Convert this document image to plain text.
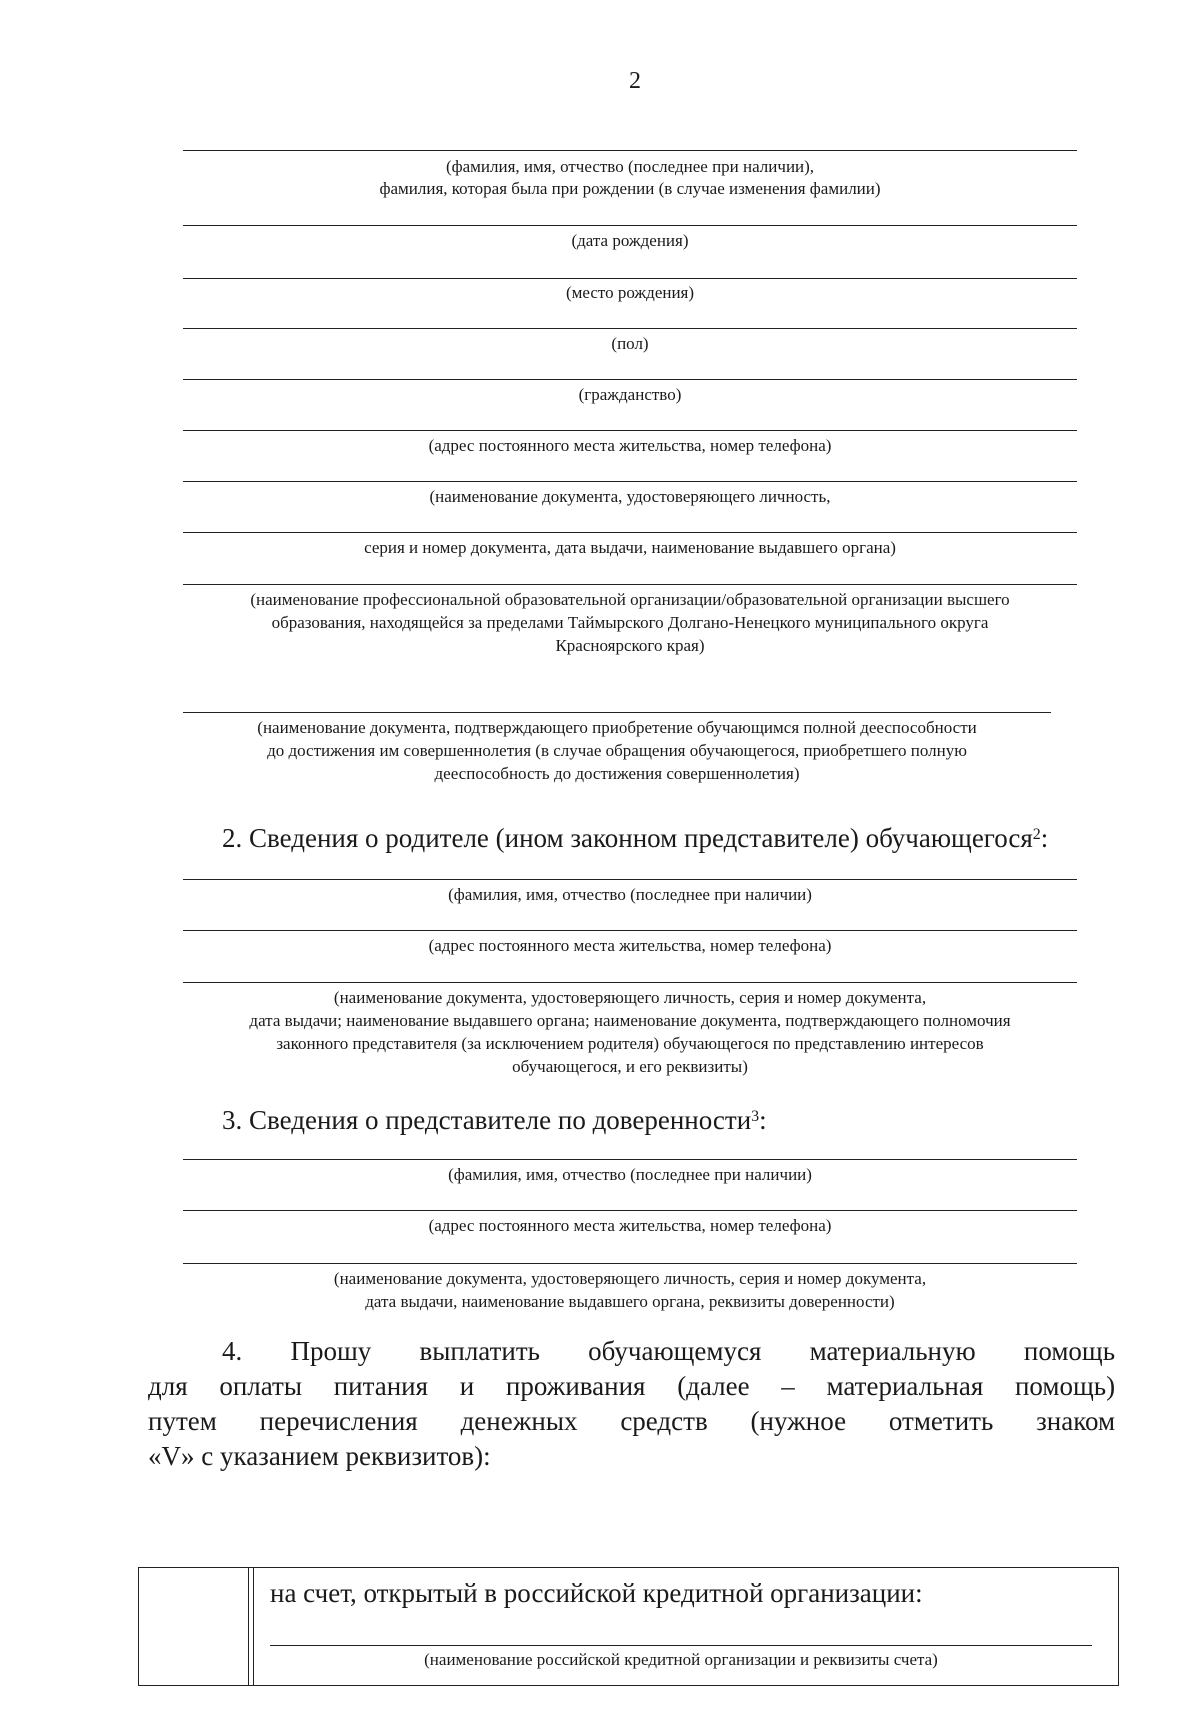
2
(фамилия, имя, отчество (последнее при наличии),
фамилия, которая была при рождении (в случае изменения фамилии)
(дата рождения)
(место рождения)
(пол)
(гражданство)
(адрес постоянного места жительства, номер телефона)
(наименование документа, удостоверяющего личность,
серия и номер документа, дата выдачи, наименование выдавшего органа)
(наименование профессиональной образовательной организации/образовательной организации высшего
образования, находящейся за пределами Таймырского Долгано-Ненецкого муниципального округа
Красноярского края)
(наименование документа, подтверждающего приобретение обучающимся полной дееспособности
до достижения им совершеннолетия (в случае обращения обучающегося, приобретшего полную
дееспособность до достижения совершеннолетия)
2. Сведения о родителе (ином законном представителе) обучающегося$^2$:
(фамилия, имя, отчество (последнее при наличии)
(адрес постоянного места жительства, номер телефона)
(наименование документа, удостоверяющего личность, серия и номер документа,
дата выдачи; наименование выдавшего органа; наименование документа, подтверждающего полномочия
законного представителя (за исключением родителя) обучающегося по представлению интересов
обучающегося, и его реквизиты)
3. Сведения о представителе по доверенности$^3$:
(фамилия, имя, отчество (последнее при наличии)
(адрес постоянного места жительства, номер телефона)
(наименование документа, удостоверяющего личность, серия и номер документа,
дата выдачи, наименование выдавшего органа, реквизиты доверенности)
4. Прошу выплатить обучающемуся материальную помощь
для оплаты питания и проживания (далее – материальная помощь)
путем перечисления денежных средств (нужное отметить знаком
«V» с указанием реквизитов):
на счет, открытый в российской кредитной организации:
(наименование российской кредитной организации и реквизиты счета)
